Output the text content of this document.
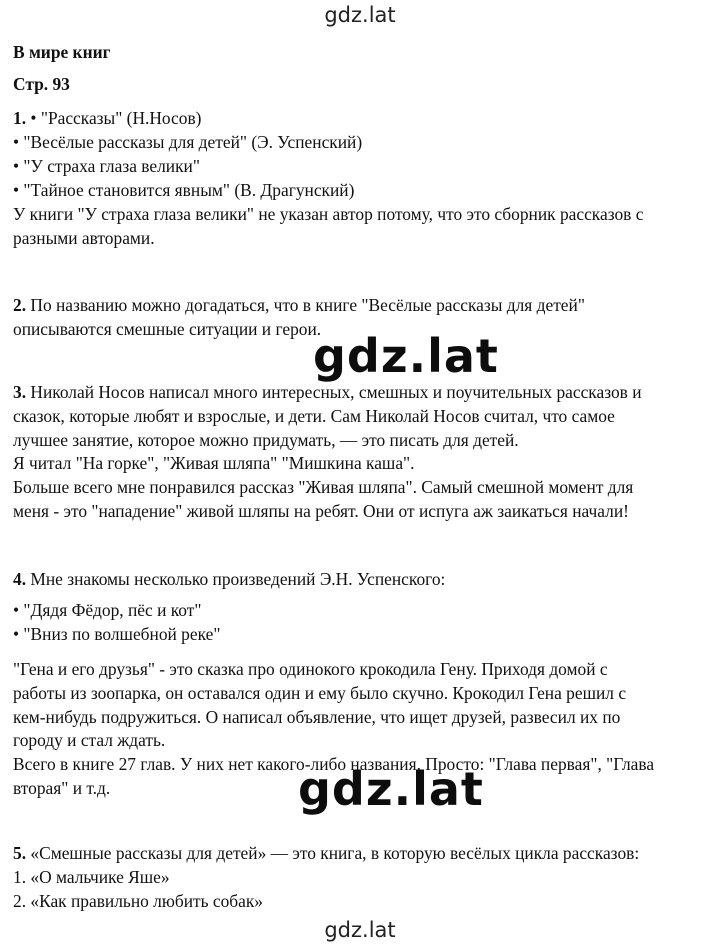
gdz.lat
В мире книг
Стр. 93
1. • "Рассказы" (Н.Носов)
• "Весёлые рассказы для детей" (Э. Успенский)
• "У страха глаза велики"
• "Тайное становится явным" (В. Драгунский)
У книги "У страха глаза велики" не указан автор потому, что это сборник рассказов с
разными авторами.
2. По названию можно догадаться, что в книге "Весёлые рассказы для детей"
описываются смешные ситуации и герои.
3. Николай Носов написал много интересных, смешных и поучительных рассказов и
сказок, которые любят и взрослые, и дети. Сам Николай Носов считал, что самое
лучшее занятие, которое можно придумать, — это писать для детей.
Я читал "На горке", "Живая шляпа" "Мишкина каша".
Больше всего мне понравился рассказ "Живая шляпа". Самый смешной момент для
меня - это "нападение" живой шляпы на ребят. Они от испуга аж заикаться начали!
4. Мне знакомы несколько произведений Э.Н. Успенского:
• "Дядя Фёдор, пёс и кот"
• "Вниз по волшебной реке"
"Гена и его друзья" - это сказка про одинокого крокодила Гену. Приходя домой с
работы из зоопарка, он оставался один и ему было скучно. Крокодил Гена решил с
кем-нибудь подружиться. О написал объявление, что ищет друзей, развесил их по
городу и стал ждать.
Всего в книге 27 глав. У них нет какого-либо названия. Просто: "Глава первая", "Глава
вторая" и т.д.
5. «Смешные рассказы для детей» — это книга, в которую весёлых цикла рассказов:
1. «О мальчике Яше»
2. «Как правильно любить собак»
gdz.lat
gdz.lat
gdz.lat
